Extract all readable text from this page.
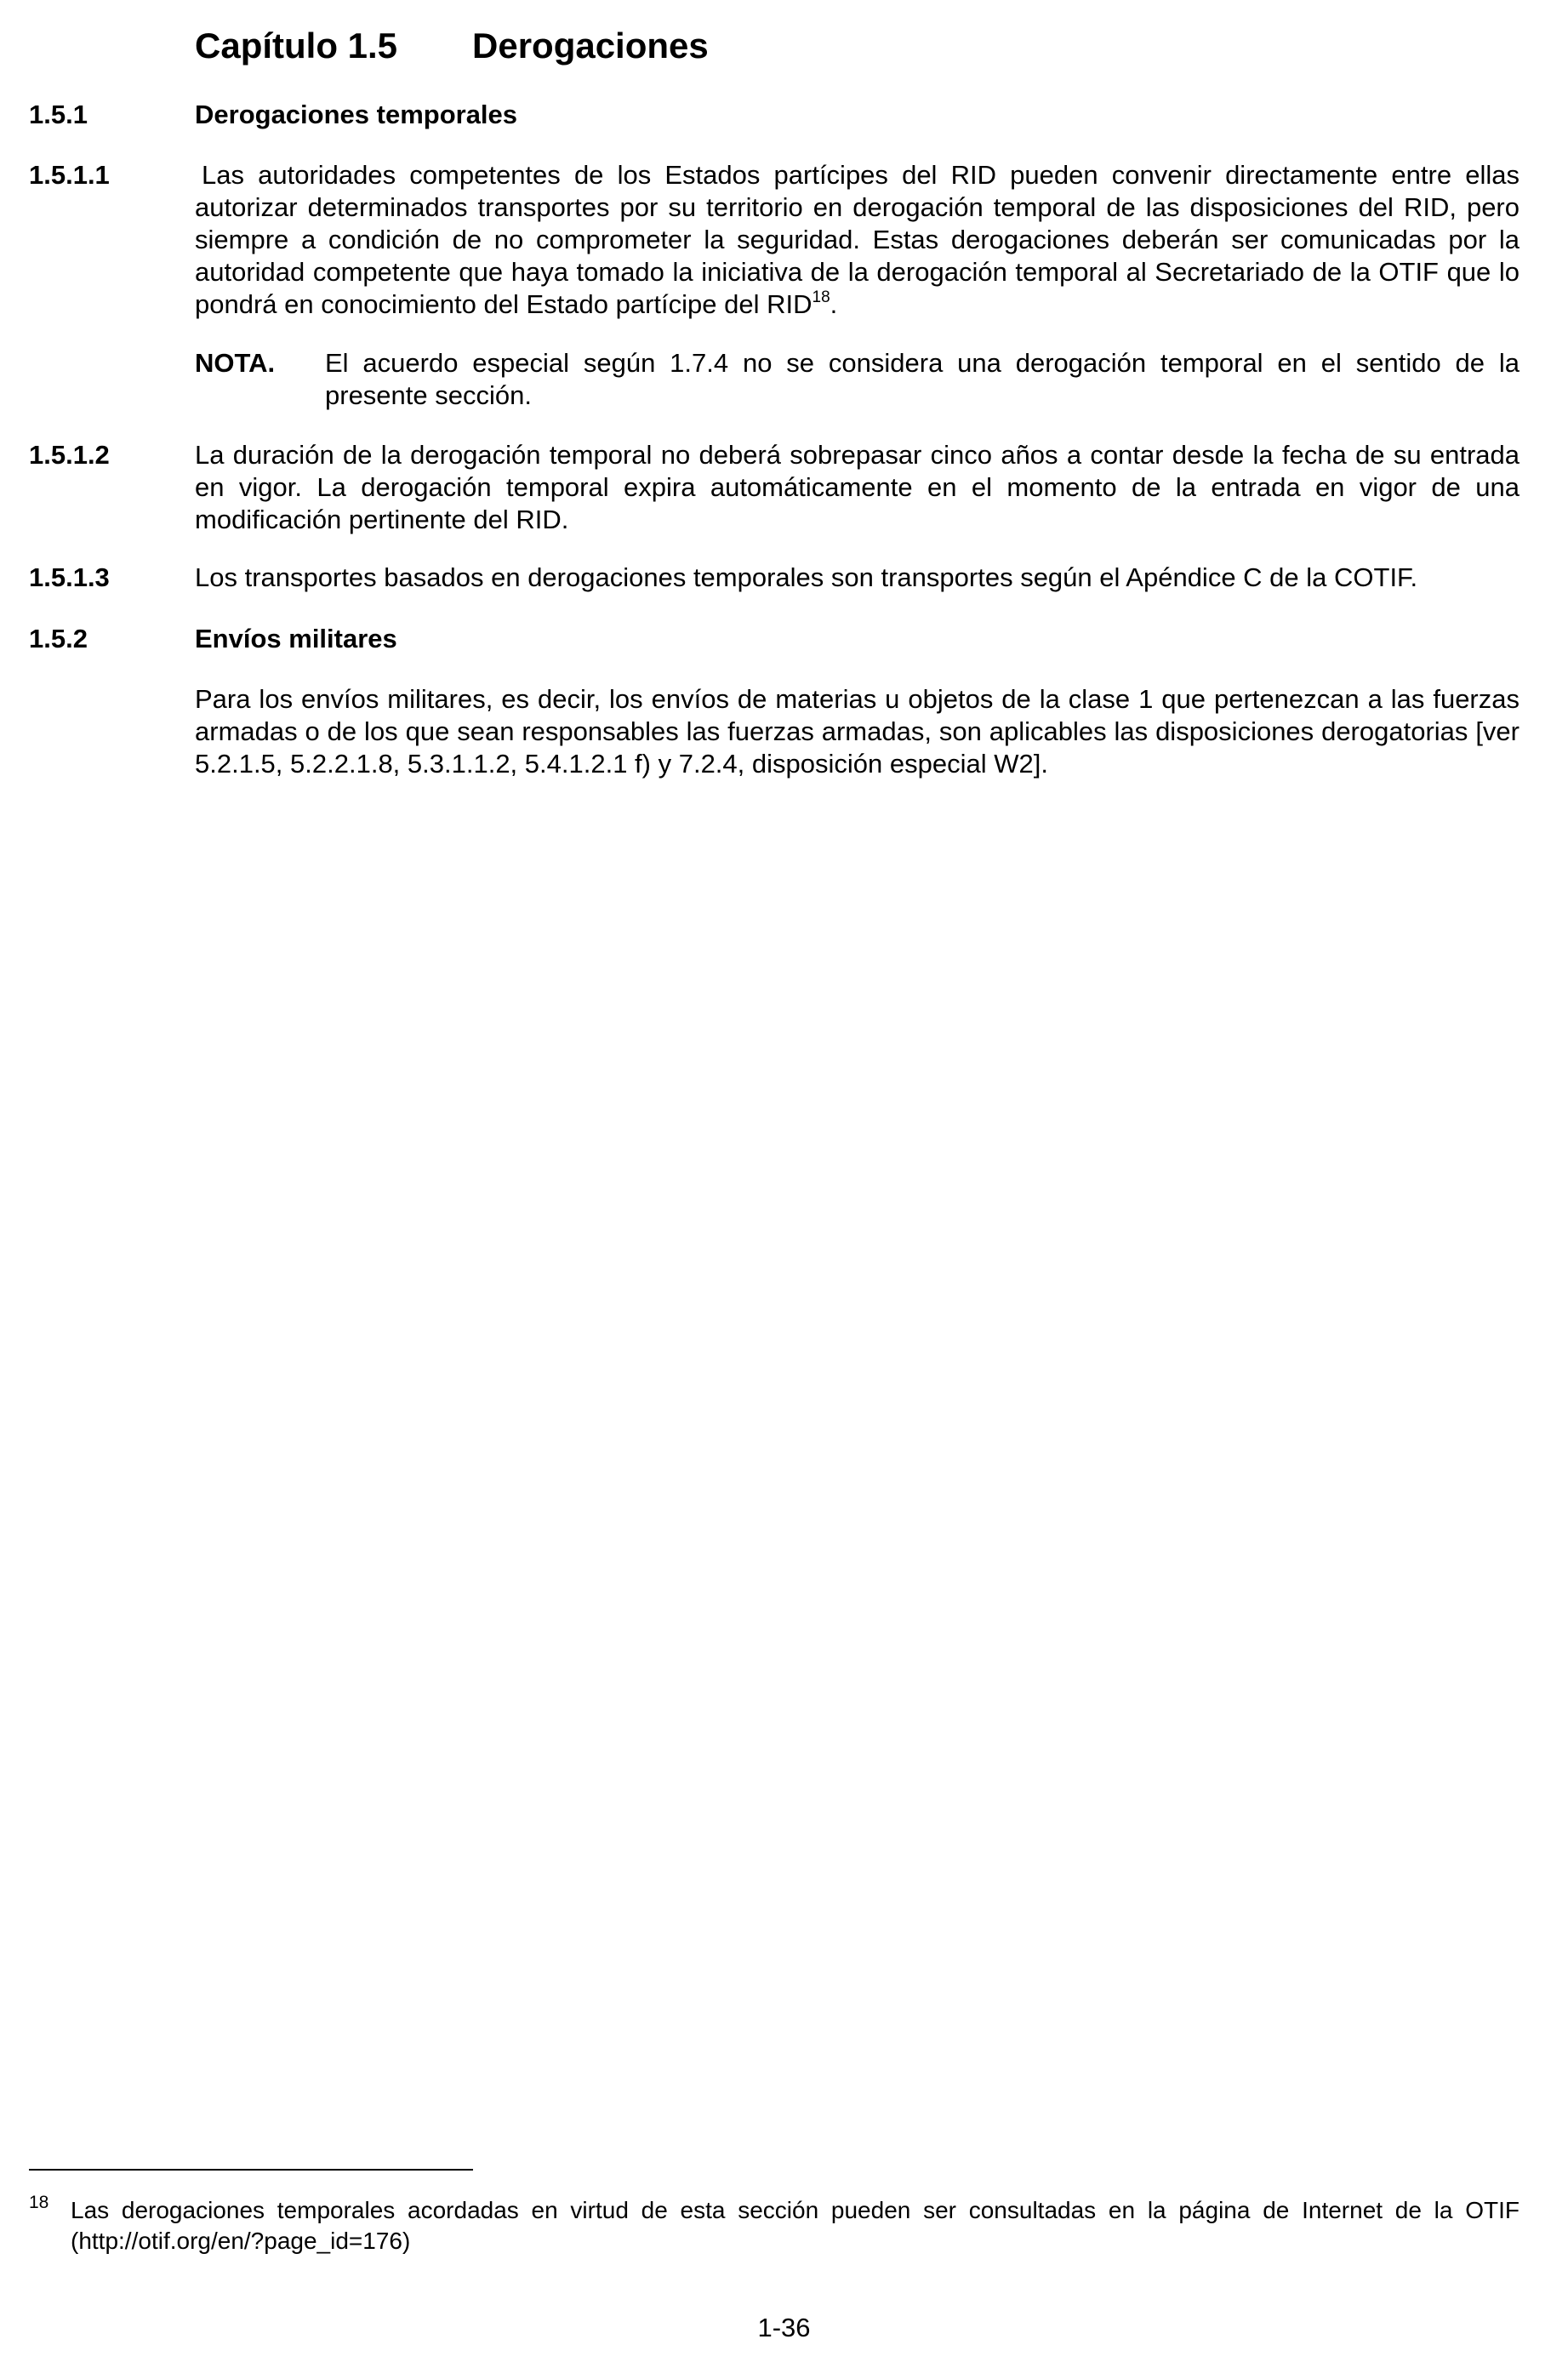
Capítulo 1.5 Derogaciones
1.5.1	Derogaciones temporales
1.5.1.1	Las autoridades competentes de los Estados partícipes del RID pueden convenir directamente entre ellas autorizar determinados transportes por su territorio en derogación temporal de las disposiciones del RID, pero siempre a condición de no comprometer la seguridad. Estas derogaciones deberán ser comunicadas por la autoridad competente que haya tomado la iniciativa de la derogación temporal al Secretariado de la OTIF que lo pondrá en conocimiento del Estado partícipe del RID$^{18}$.

NOTA. El acuerdo especial según 1.7.4 no se considera una derogación temporal en el sentido de la presente sección.

1.5.1.2	La duración de la derogación temporal no deberá sobrepasar cinco años a contar desde la fecha de su entrada en vigor. La derogación temporal expira automáticamente en el momento de la entrada en vigor de una modificación pertinente del RID.

1.5.1.3	Los transportes basados en derogaciones temporales son transportes según el Apéndice C de la COTIF.

1.5.2	Envíos militares

Para los envíos militares, es decir, los envíos de materias u objetos de la clase 1 que pertenezcan a las fuerzas armadas o de los que sean responsables las fuerzas armadas, son aplicables las disposiciones derogatorias [ver 5.2.1.5, 5.2.2.1.8, 5.3.1.1.2, 5.4.1.2.1 f) y 7.2.4, disposición especial W2].

18 Las derogaciones temporales acordadas en virtud de esta sección pueden ser consultadas en la página de Internet de la OTIF (http://otif.org/en/?page_id=176)

1-36
